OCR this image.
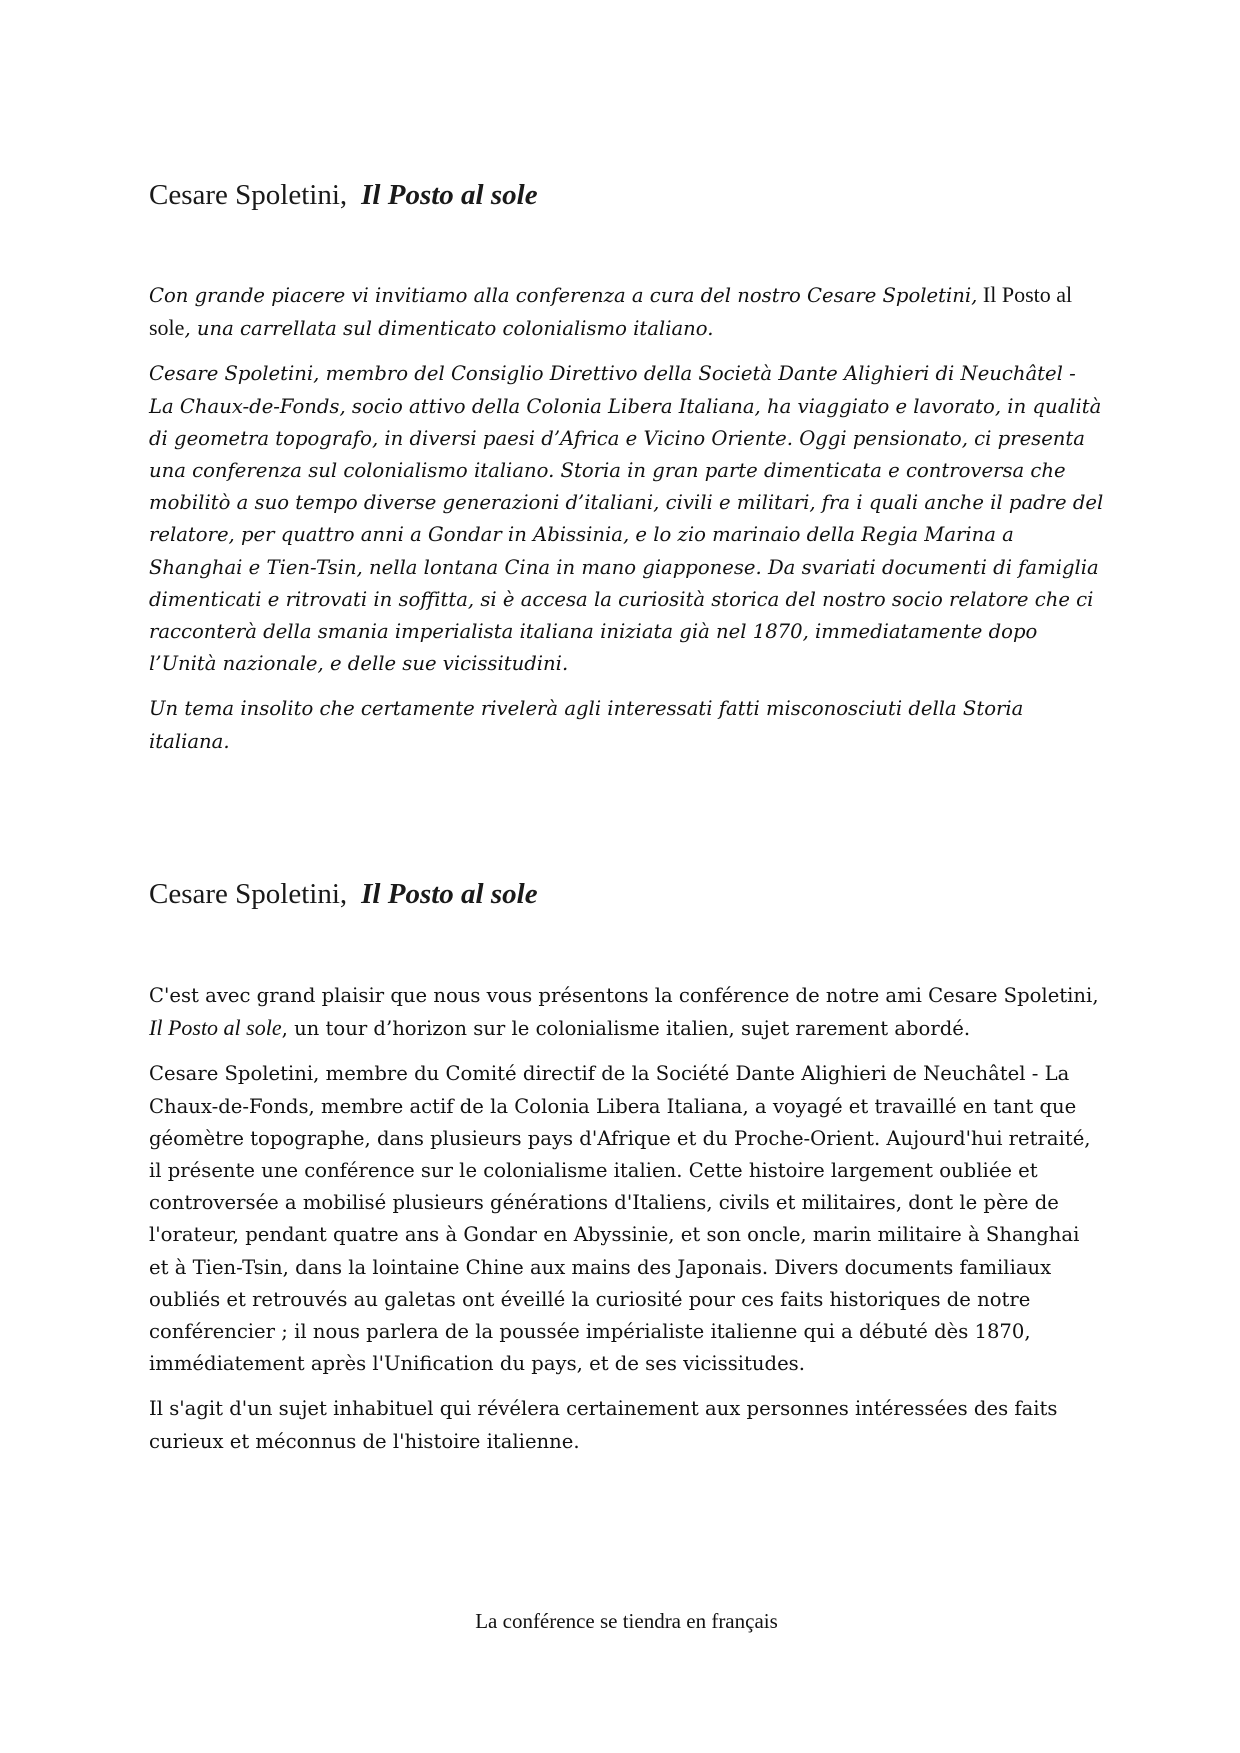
Cesare Spoletini, Il Posto al sole

Con grande piacere vi invitiamo alla conferenza a cura del nostro Cesare Spoletini, Il Posto al sole, una carrellata sul dimenticato colonialismo italiano.

Cesare Spoletini, membro del Consiglio Direttivo della Società Dante Alighieri di Neuchâtel - La Chaux-de-Fonds, socio attivo della Colonia Libera Italiana, ha viaggiato e lavorato, in qualità di geometra topografo, in diversi paesi d’Africa e Vicino Oriente. Oggi pensionato, ci presenta una conferenza sul colonialismo italiano. Storia in gran parte dimenticata e controversa che mobilitò a suo tempo diverse generazioni d’italiani, civili e militari, fra i quali anche il padre del relatore, per quattro anni a Gondar in Abissinia, e lo zio marinaio della Regia Marina a Shanghai e Tien-Tsin, nella lontana Cina in mano giapponese. Da svariati documenti di famiglia dimenticati e ritrovati in soffitta, si è accesa la curiosità storica del nostro socio relatore che ci racconterà della smania imperialista italiana iniziata già nel 1870, immediatamente dopo l’Unità nazionale, e delle sue vicissitudini.

Un tema insolito che certamente rivelerà agli interessati fatti misconosciuti della Storia italiana.

Cesare Spoletini, Il Posto al sole

C'est avec grand plaisir que nous vous présentons la conférence de notre ami Cesare Spoletini, Il Posto al sole, un tour d’horizon sur le colonialisme italien, sujet rarement abordé.

Cesare Spoletini, membre du Comité directif de la Société Dante Alighieri de Neuchâtel - La Chaux-de-Fonds, membre actif de la Colonia Libera Italiana, a voyagé et travaillé en tant que géomètre topographe, dans plusieurs pays d'Afrique et du Proche-Orient. Aujourd'hui retraité, il présente une conférence sur le colonialisme italien. Cette histoire largement oubliée et controversée a mobilisé plusieurs générations d'Italiens, civils et militaires, dont le père de l'orateur, pendant quatre ans à Gondar en Abyssinie, et son oncle, marin militaire à Shanghai et à Tien-Tsin, dans la lointaine Chine aux mains des Japonais. Divers documents familiaux oubliés et retrouvés au galetas ont éveillé la curiosité pour ces faits historiques de notre conférencier ; il nous parlera de la poussée impérialiste italienne qui a débuté dès 1870, immédiatement après l'Unification du pays, et de ses vicissitudes.

Il s'agit d'un sujet inhabituel qui révélera certainement aux personnes intéressées des faits curieux et méconnus de l'histoire italienne.

La conférence se tiendra en français
